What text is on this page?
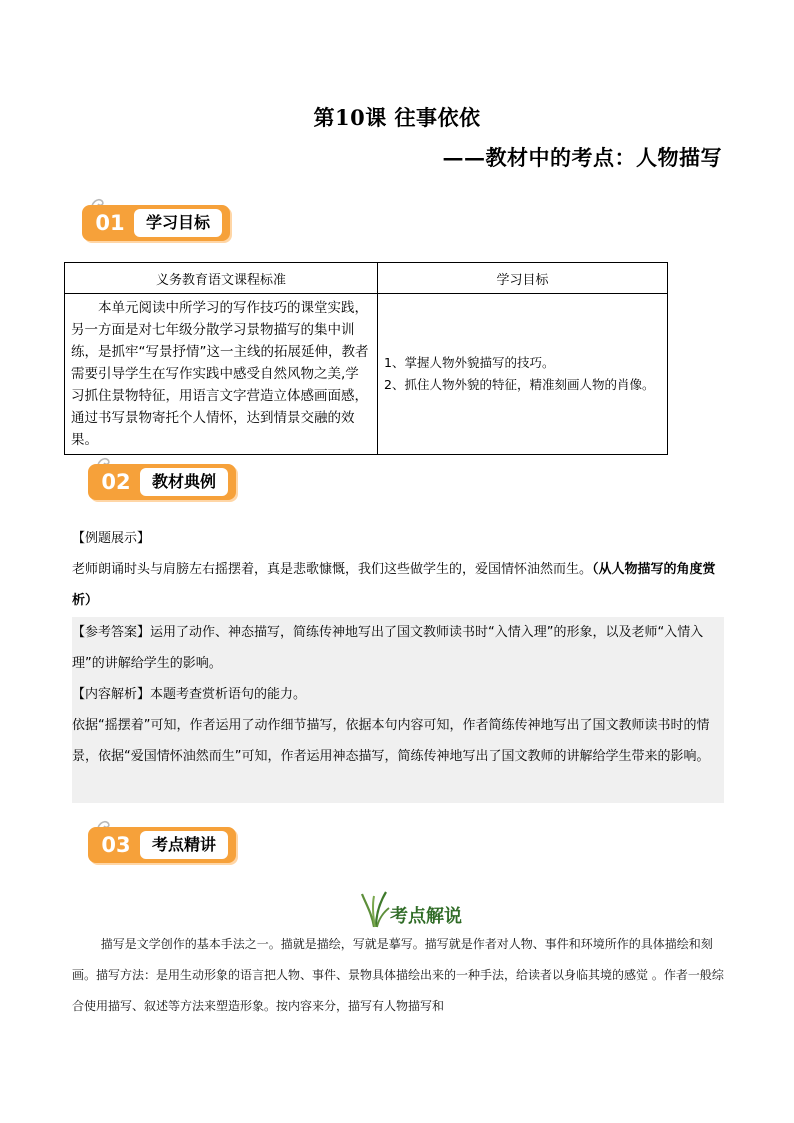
第10课 往事依依
——教材中的考点：人物描写
01	学习目标
义务教育语文课程标准	学习目标

本单元阅读中所学习的写作技巧的课堂实践，另一方面是对七年级分散学习景物描写的集中训练，是抓牢“写景抒情”这一主线的拓展延伸，教者需要引导学生在写作实践中感受自然风物之美,学习抓住景物特征，用语言文字营造立体感画面感，通过书写景物寄托个人情怀，达到情景交融的效果。	1、掌握人物外貌描写的技巧。
2、抓住人物外貌的特征，精准刻画人物的肖像。
02	教材典例
【例题展示】
老师朗诵时头与肩膀左右摇摆着，真是悲歌慷慨，我们这些做学生的，爱国情怀油然而生。（从人物描写的角度赏析）
【参考答案】运用了动作、神态描写，简练传神地写出了国文教师读书时“入情入理”的形象，以及老师“入情入理”的讲解给学生的影响。
【内容解析】本题考查赏析语句的能力。
依据“摇摆着”可知，作者运用了动作细节描写，依据本句内容可知，作者简练传神地写出了国文教师读书时的情景，依据“爱国情怀油然而生”可知，作者运用神态描写，简练传神地写出了国文教师的讲解给学生带来的影响。
03	考点精讲
考点解说
描写是文学创作的基本手法之一。描就是描绘，写就是摹写。描写就是作者对人物、事件和环境所作的具体描绘和刻画。描写方法：是用生动形象的语言把人物、事件、景物具体描绘出来的一种手法，给读者以身临其境的感觉 。作者一般综合使用描写、叙述等方法来塑造形象。按内容来分，描写有人物描写和
